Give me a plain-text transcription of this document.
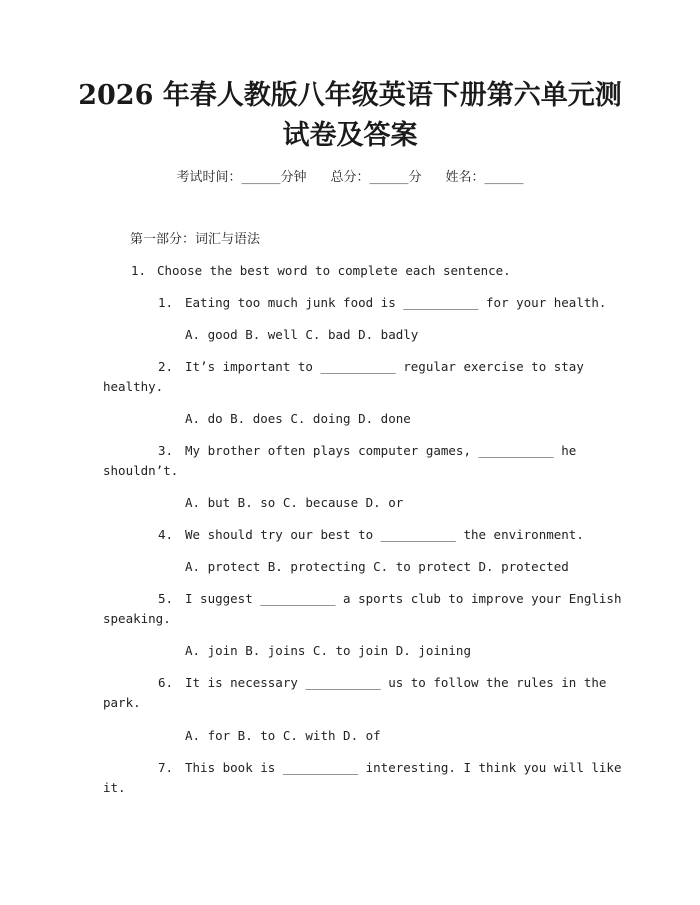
2026 年春人教版八年级英语下册第六单元测
试卷及答案
考试时间：______分钟 总分：______分 姓名：______
第一部分：词汇与语法
1. Choose the best word to complete each sentence.
1. Eating too much junk food is __________ for your health.
A. good B. well C. bad D. badly
2. It’s important to __________ regular exercise to stay
healthy.
A. do B. does C. doing D. done
3. My brother often plays computer games, __________ he
shouldn’t.
A. but B. so C. because D. or
4. We should try our best to __________ the environment.
A. protect B. protecting C. to protect D. protected
5. I suggest __________ a sports club to improve your English
speaking.
A. join B. joins C. to join D. joining
6. It is necessary __________ us to follow the rules in the
park.
A. for B. to C. with D. of
7. This book is __________ interesting. I think you will like
it.
